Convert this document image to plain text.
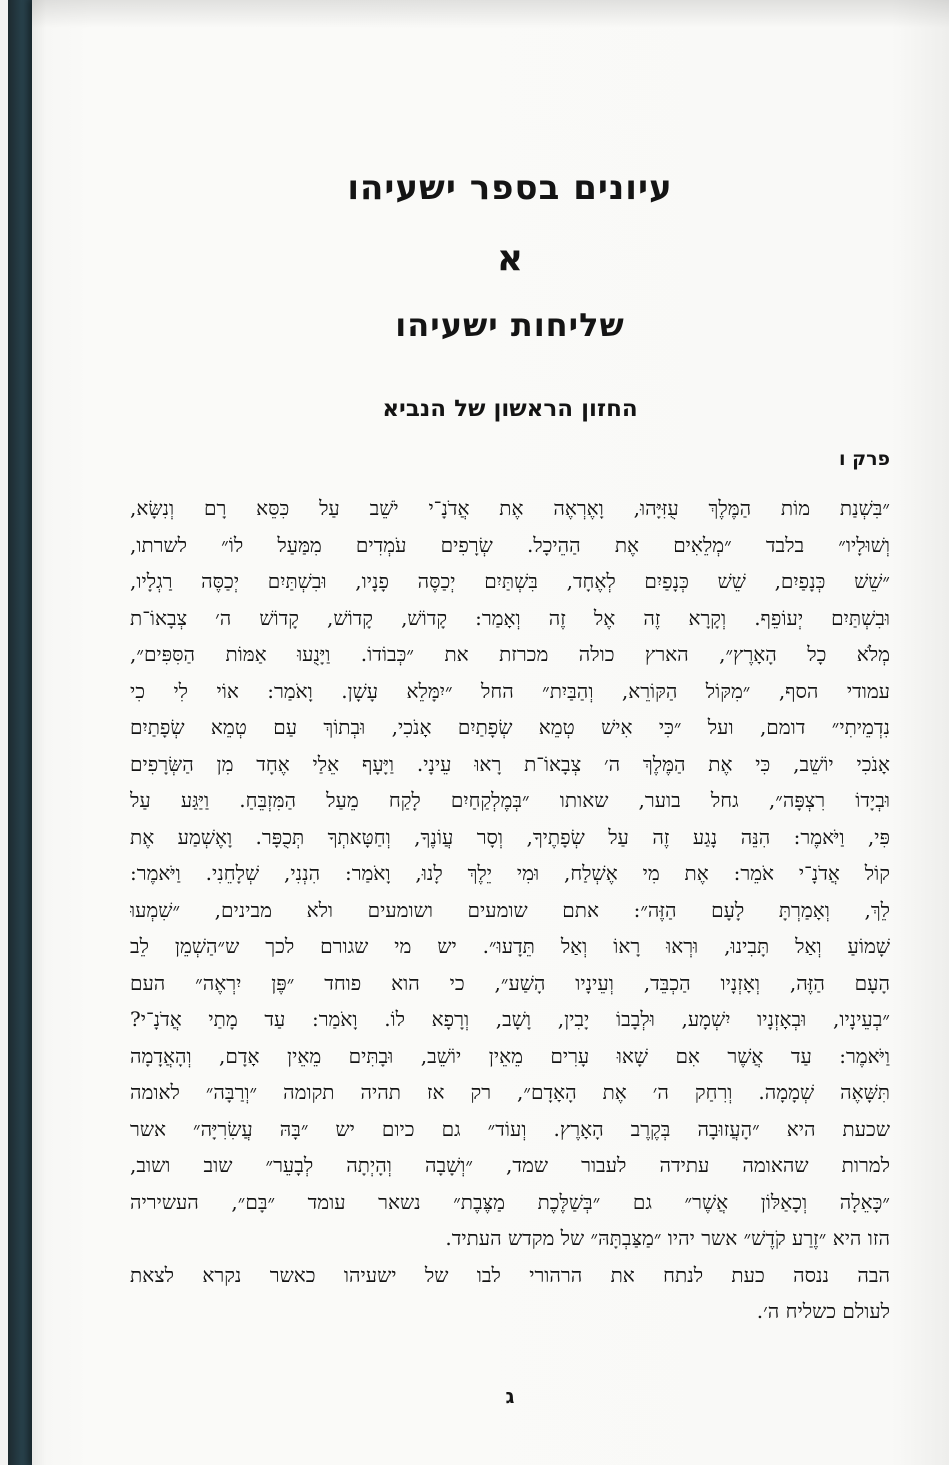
עיונים בספר ישעיהו
א
שליחות ישעיהו
החזון הראשון של הנביא
פרק ו
״בִּשְׁנַת מוֹת הַמֶּלֶךְ עֻזִּיָּהוּ, וָאֶרְאֶה אֶת אֲדֹנָ־י יֹשֵׁב עַל כִּסֵּא רָם וְנִשָּׂא,
וְשׁוּלָיו״ בלבד ״מְלֵאִים אֶת הַהֵיכָל. שְׂרָפִים עֹמְדִים מִמַּעַל לוֹ״ לשרתו,
״שֵׁשׁ כְּנָפַיִם, שֵׁשׁ כְּנָפַיִם לְאֶחָד, בִּשְׁתַּיִם יְכַסֶּה פָנָיו, וּבִשְׁתַּיִם יְכַסֶּה רַגְלָיו,
וּבִשְׁתַּיִם יְעוֹפֵף. וְקָרָא זֶה אֶל זֶה וְאָמַר: קָדוֹשׁ, קָדוֹשׁ, קָדוֹשׁ ה׳ צְבָאוֹ־ת
מְלֹא כָל הָאָרֶץ״, הארץ כולה מכרזת את ״כְּבוֹדוֹ. וַיָּנֻעוּ אַמּוֹת הַסִּפִּים״,
עמודי הסף, ״מִקּוֹל הַקּוֹרֵא, וְהַבַּיִת״ החל ״יִמָּלֵא עָשָׁן. וָאֹמַר: אוֹי לִי כִי
נִדְמֵיתִי״ דומם, ועל ״כִּי אִישׁ טְמֵא שְׂפָתַיִם אָנֹכִי, וּבְתוֹךְ עַם טְמֵא שְׂפָתַיִם
אָנֹכִי יוֹשֵׁב, כִּי אֶת הַמֶּלֶךְ ה׳ צְבָאוֹ־ת רָאוּ עֵינָי. וַיָּעָף אֵלַי אֶחָד מִן הַשְּׂרָפִים
וּבְיָדוֹ רִצְפָּה״, גחל בוער, שאותו ״בְּמֶלְקַחַיִם לָקַח מֵעַל הַמִּזְבֵּחַ. וַיַּגַּע עַל
פִּי, וַיֹּאמֶר: הִנֵּה נָגַע זֶה עַל שְׂפָתֶיךָ, וְסָר עֲוֹנֶךָ, וְחַטָּאתְךָ תְּכֻפָּר. וָאֶשְׁמַע אֶת
קוֹל אֲדֹנָ־י אֹמֵר: אֶת מִי אֶשְׁלַח, וּמִי יֵלֶךְ לָנוּ, וָאֹמַר: הִנְנִי, שְׁלָחֵנִי. וַיֹּאמֶר:
לֵךְ, וְאָמַרְתָּ לָעָם הַזֶּה״: אתם שומעים ושומעים ולא מבינים, ״שִׁמְעוּ
שָׁמוֹעַ וְאַל תָּבִינוּ, וּרְאוּ רָאוֹ וְאַל תֵּדָעוּ״. יש מי שגורם לכך ש״הַשְׁמֵן לֵב
הָעָם הַזֶּה, וְאָזְנָיו הַכְבֵּד, וְעֵינָיו הָשַׁע״, כי הוא פוחד ״פֶּן יִרְאֶה״ העם
״בְעֵינָיו, וּבְאָזְנָיו יִשְׁמָע, וּלְבָבוֹ יָבִין, וָשָׁב, וְרָפָא לוֹ. וָאֹמַר: עַד מָתַי אֲדֹנָ־י?
וַיֹּאמֶר: עַד אֲשֶׁר אִם שָׁאוּ עָרִים מֵאֵין יוֹשֵׁב, וּבָתִּים מֵאֵין אָדָם, וְהָאֲדָמָה
תִּשָּׁאֶה שְׁמָמָה. וְרִחַק ה׳ אֶת הָאָדָם״, רק אז תהיה תקומה ״וְרַבָּה״ לאומה
שכעת היא ״הָעֲזוּבָה בְּקֶרֶב הָאָרֶץ. וְעוֹד״ גם כיום יש ״בָּהּ עֲשִׂרִיָּה״ אשר
למרות שהאומה עתידה לעבור שמד, ״וְשָׁבָה וְהָיְתָה לְבָעֵר״ שוב ושוב,
״כָּאֵלָה וְכָאַלּוֹן אֲשֶׁר״ גם ״בְּשַׁלֶּכֶת מַצֶּבֶת״ נשאר עומד ״בָּם״, העשיריה
הזו היא ״זֶרַע קֹדֶשׁ״ אשר יהיו ״מַצַּבְתָּהּ״ של מקדש העתיד.
הבה ננסה כעת לנתח את הרהורי לבו של ישעיהו כאשר נקרא לצאת
לעולם כשליח ה׳.
ג
